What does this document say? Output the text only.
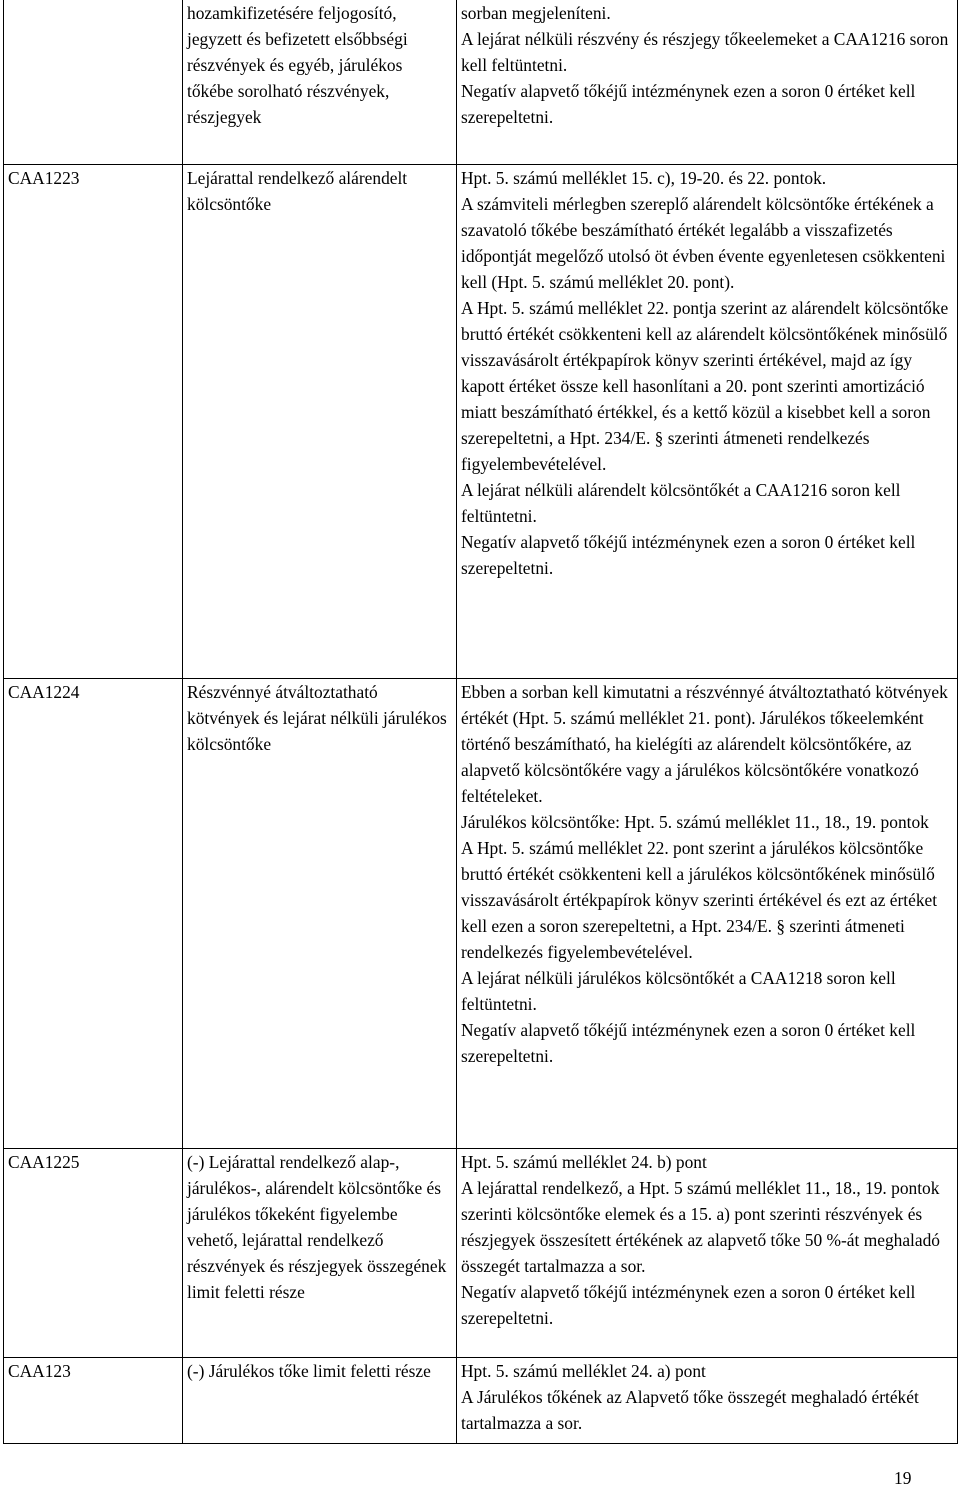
	hozamkifizetésére feljogosító, jegyzett és befizetett elsőbbségi részvények és egyéb, járulékos tőkébe sorolható részvények, részjegyek	sorban megjeleníteni.

A lejárat nélküli részvény és részjegy tőkeelemeket a CAA1216 soron kell feltüntetni.

Negatív alapvető tőkéjű intézménynek ezen a soron 0 értéket kell szerepeltetni.

CAA1223	Lejárattal rendelkező alárendelt kölcsöntőke	Hpt. 5. számú melléklet 15. c), 19-20. és 22. pontok.

A számviteli mérlegben szereplő alárendelt kölcsöntőke értékének a szavatoló tőkébe beszámítható értékét legalább a visszafizetés időpontját megelőző utolsó öt évben évente egyenletesen csökkenteni kell (Hpt. 5. számú melléklet 20. pont).

A Hpt. 5. számú melléklet 22. pontja szerint az alárendelt kölcsöntőke bruttó értékét csökkenteni kell az alárendelt kölcsöntőkének minősülő visszavásárolt értékpapírok könyv szerinti értékével, majd az így kapott értéket össze kell hasonlítani a 20. pont szerinti amortizáció miatt beszámítható értékkel, és a kettő közül a kisebbet kell a soron szerepeltetni, a Hpt. 234/E. § szerinti átmeneti rendelkezés figyelembevételével.

A lejárat nélküli alárendelt kölcsöntőkét a CAA1216 soron kell feltüntetni.

Negatív alapvető tőkéjű intézménynek ezen a soron 0 értéket kell szerepeltetni.

CAA1224	Részvénnyé átváltoztatható kötvények és lejárat nélküli járulékos kölcsöntőke	Ebben a sorban kell kimutatni a részvénnyé átváltoztatható kötvények értékét (Hpt. 5. számú melléklet 21. pont). Járulékos tőkeelemként történő beszámítható, ha kielégíti az alárendelt kölcsöntőkére, az alapvető kölcsöntőkére vagy a járulékos kölcsöntőkére vonatkozó feltételeket.

Járulékos kölcsöntőke: Hpt. 5. számú melléklet 11., 18., 19. pontok

A Hpt. 5. számú melléklet 22. pont szerint a járulékos kölcsöntőke bruttó értékét csökkenteni kell a járulékos kölcsöntőkének minősülő visszavásárolt értékpapírok könyv szerinti értékével és ezt az értéket kell ezen a soron szerepeltetni, a Hpt. 234/E. § szerinti átmeneti rendelkezés figyelembevételével.

A lejárat nélküli járulékos kölcsöntőkét a CAA1218 soron kell feltüntetni.

Negatív alapvető tőkéjű intézménynek ezen a soron 0 értéket kell szerepeltetni.

CAA1225	(-) Lejárattal rendelkező alap-, járulékos-, alárendelt kölcsöntőke és járulékos tőkeként figyelembe vehető, lejárattal rendelkező részvények és részjegyek összegének limit feletti része	Hpt. 5. számú melléklet 24. b) pont

A lejárattal rendelkező, a Hpt. 5 számú melléklet 11., 18., 19. pontok szerinti kölcsöntőke elemek és a 15. a) pont szerinti részvények és részjegyek összesített értékének az alapvető tőke 50 %-át meghaladó összegét tartalmazza a sor.

Negatív alapvető tőkéjű intézménynek ezen a soron 0 értéket kell szerepeltetni.

CAA123	(-) Járulékos tőke limit feletti része	Hpt. 5. számú melléklet 24. a) pont

A Járulékos tőkének az Alapvető tőke összegét meghaladó értékét tartalmazza a sor.

19
